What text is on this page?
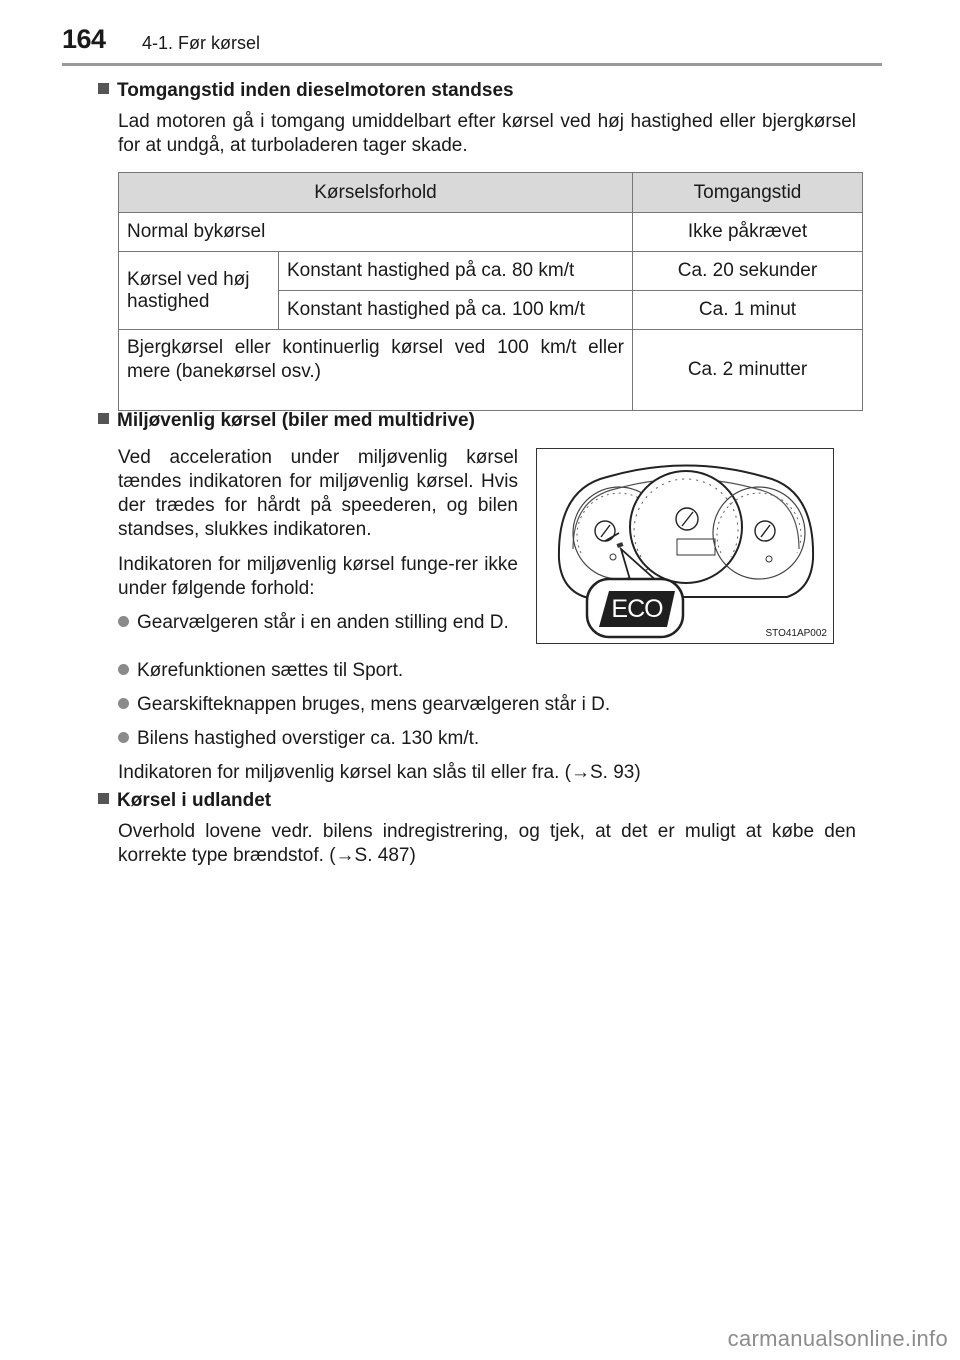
164 4-1. Før kørsel
Tomgangstid inden dieselmotoren standses
Lad motoren gå i tomgang umiddelbart efter kørsel ved høj hastighed eller bjergkørsel for at undgå, at turboladeren tager skade.
Kørselsforhold		Tomgangstid
Normal bykørsel		Ikke påkrævet
Kørsel ved høj hastighed	Konstant hastighed på ca. 80 km/t	Ca. 20 sekunder
	Konstant hastighed på ca. 100 km/t	Ca. 1 minut
Bjergkørsel eller kontinuerlig kørsel ved 100 km/t eller mere (banekørsel osv.)		Ca. 2 minutter
Miljøvenlig kørsel (biler med multidrive)
Ved acceleration under miljøvenlig kørsel tændes indikatoren for miljøvenlig kørsel. Hvis der trædes for hårdt på speederen, og bilen standses, slukkes indikatoren.
Indikatoren for miljøvenlig kørsel funge-rer ikke under følgende forhold:
Gearvælgeren står i en anden stilling end D.
Kørefunktionen sættes til Sport.
Gearskifteknappen bruges, mens gearvælgeren står i D.
Bilens hastighed overstiger ca. 130 km/t.
Indikatoren for miljøvenlig kørsel kan slås til eller fra. (→S. 93)
ECO
STO41AP002
Kørsel i udlandet
Overhold lovene vedr. bilens indregistrering, og tjek, at det er muligt at købe den korrekte type brændstof. (→S. 487)
carmanualsonline.info
